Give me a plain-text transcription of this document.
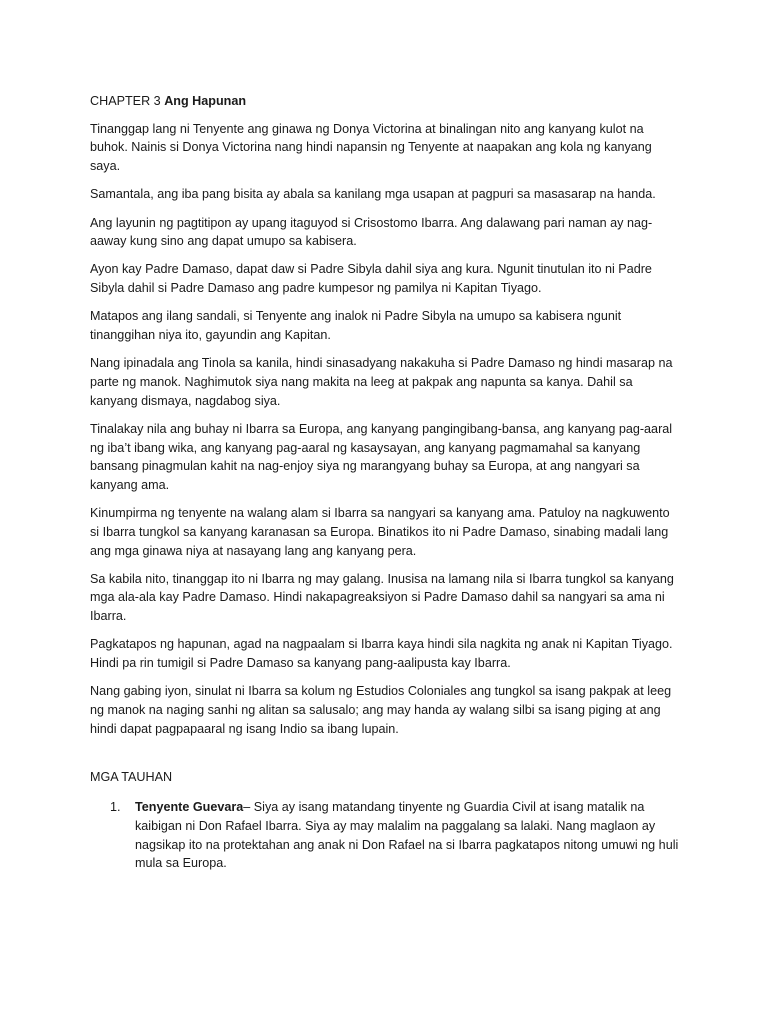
CHAPTER 3 Ang Hapunan

Tinanggap lang ni Tenyente ang ginawa ng Donya Victorina at binalingan nito ang kanyang kulot na buhok. Nainis si Donya Victorina nang hindi napansin ng Tenyente at naapakan ang kola ng kanyang saya.

Samantala, ang iba pang bisita ay abala sa kanilang mga usapan at pagpuri sa masasarap na handa.

Ang layunin ng pagtitipon ay upang itaguyod si Crisostomo Ibarra. Ang dalawang pari naman ay nag-aaway kung sino ang dapat umupo sa kabisera.

Ayon kay Padre Damaso, dapat daw si Padre Sibyla dahil siya ang kura. Ngunit tinutulan ito ni Padre Sibyla dahil si Padre Damaso ang padre kumpesor ng pamilya ni Kapitan Tiyago.

Matapos ang ilang sandali, si Tenyente ang inalok ni Padre Sibyla na umupo sa kabisera ngunit tinanggihan niya ito, gayundin ang Kapitan.

Nang ipinadala ang Tinola sa kanila, hindi sinasadyang nakakuha si Padre Damaso ng hindi masarap na parte ng manok. Naghimutok siya nang makita na leeg at pakpak ang napunta sa kanya. Dahil sa kanyang dismaya, nagdabog siya.

Tinalakay nila ang buhay ni Ibarra sa Europa, ang kanyang pangingibang-bansa, ang kanyang pag-aaral ng iba’t ibang wika, ang kanyang pag-aaral ng kasaysayan, ang kanyang pagmamahal sa kanyang bansang pinagmulan kahit na nag-enjoy siya ng marangyang buhay sa Europa, at ang nangyari sa kanyang ama.

Kinumpirma ng tenyente na walang alam si Ibarra sa nangyari sa kanyang ama. Patuloy na nagkuwento si Ibarra tungkol sa kanyang karanasan sa Europa. Binatikos ito ni Padre Damaso, sinabing madali lang ang mga ginawa niya at nasayang lang ang kanyang pera.

Sa kabila nito, tinanggap ito ni Ibarra ng may galang. Inusisa na lamang nila si Ibarra tungkol sa kanyang mga ala-ala kay Padre Damaso. Hindi nakapagreaksiyon si Padre Damaso dahil sa nangyari sa ama ni Ibarra.

Pagkatapos ng hapunan, agad na nagpaalam si Ibarra kaya hindi sila nagkita ng anak ni Kapitan Tiyago. Hindi pa rin tumigil si Padre Damaso sa kanyang pang-aalipusta kay Ibarra.

Nang gabing iyon, sinulat ni Ibarra sa kolum ng Estudios Coloniales ang tungkol sa isang pakpak at leeg ng manok na naging sanhi ng alitan sa salusalo; ang may handa ay walang silbi sa isang piging at ang hindi dapat pagpapaaral ng isang Indio sa ibang lupain.

MGA TAUHAN

1. Tenyente Guevara– Siya ay isang matandang tinyente ng Guardia Civil at isang matalik na kaibigan ni Don Rafael Ibarra. Siya ay may malalim na paggalang sa lalaki. Nang maglaon ay nagsikap ito na protektahan ang anak ni Don Rafael na si Ibarra pagkatapos nitong umuwi ng huli mula sa Europa.
